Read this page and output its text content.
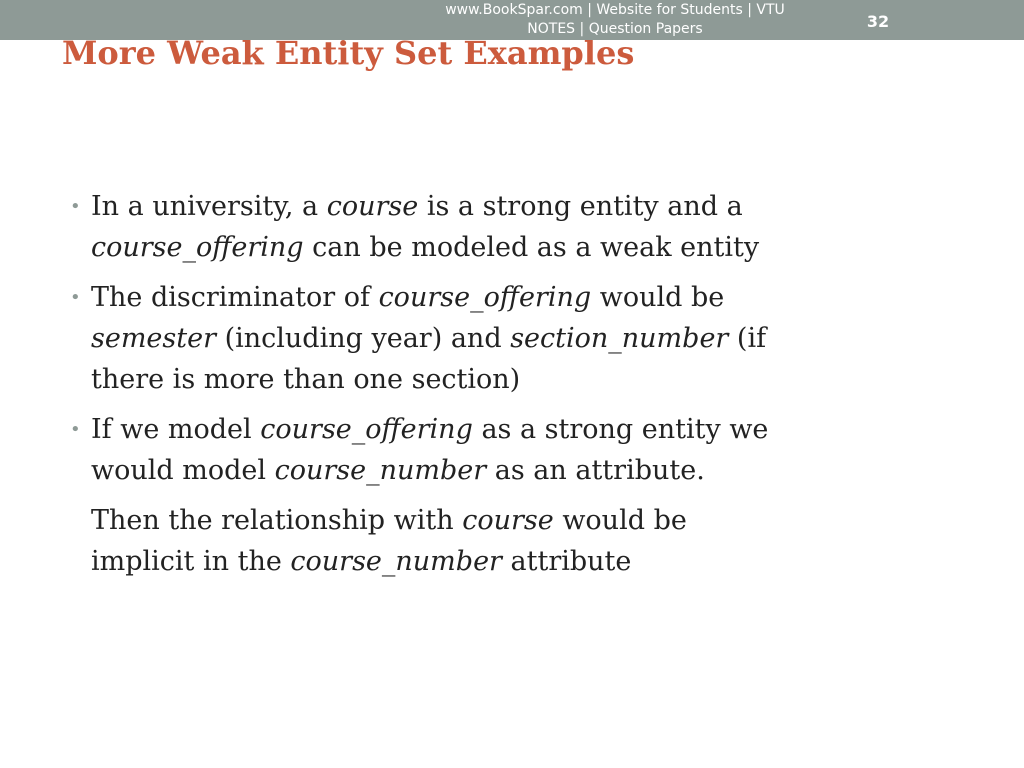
www.BookSpar.com | Website for Students | VTU
NOTES | Question Papers	32
More Weak Entity Set Examples
• In a university, a course is a strong entity and a
course_offering can be modeled as a weak entity
• The discriminator of course_offering would be
semester (including year) and section_number (if
there is more than one section)
• If we model course_offering as a strong entity we
would model course_number as an attribute.
Then the relationship with course would be
implicit in the course_number attribute
